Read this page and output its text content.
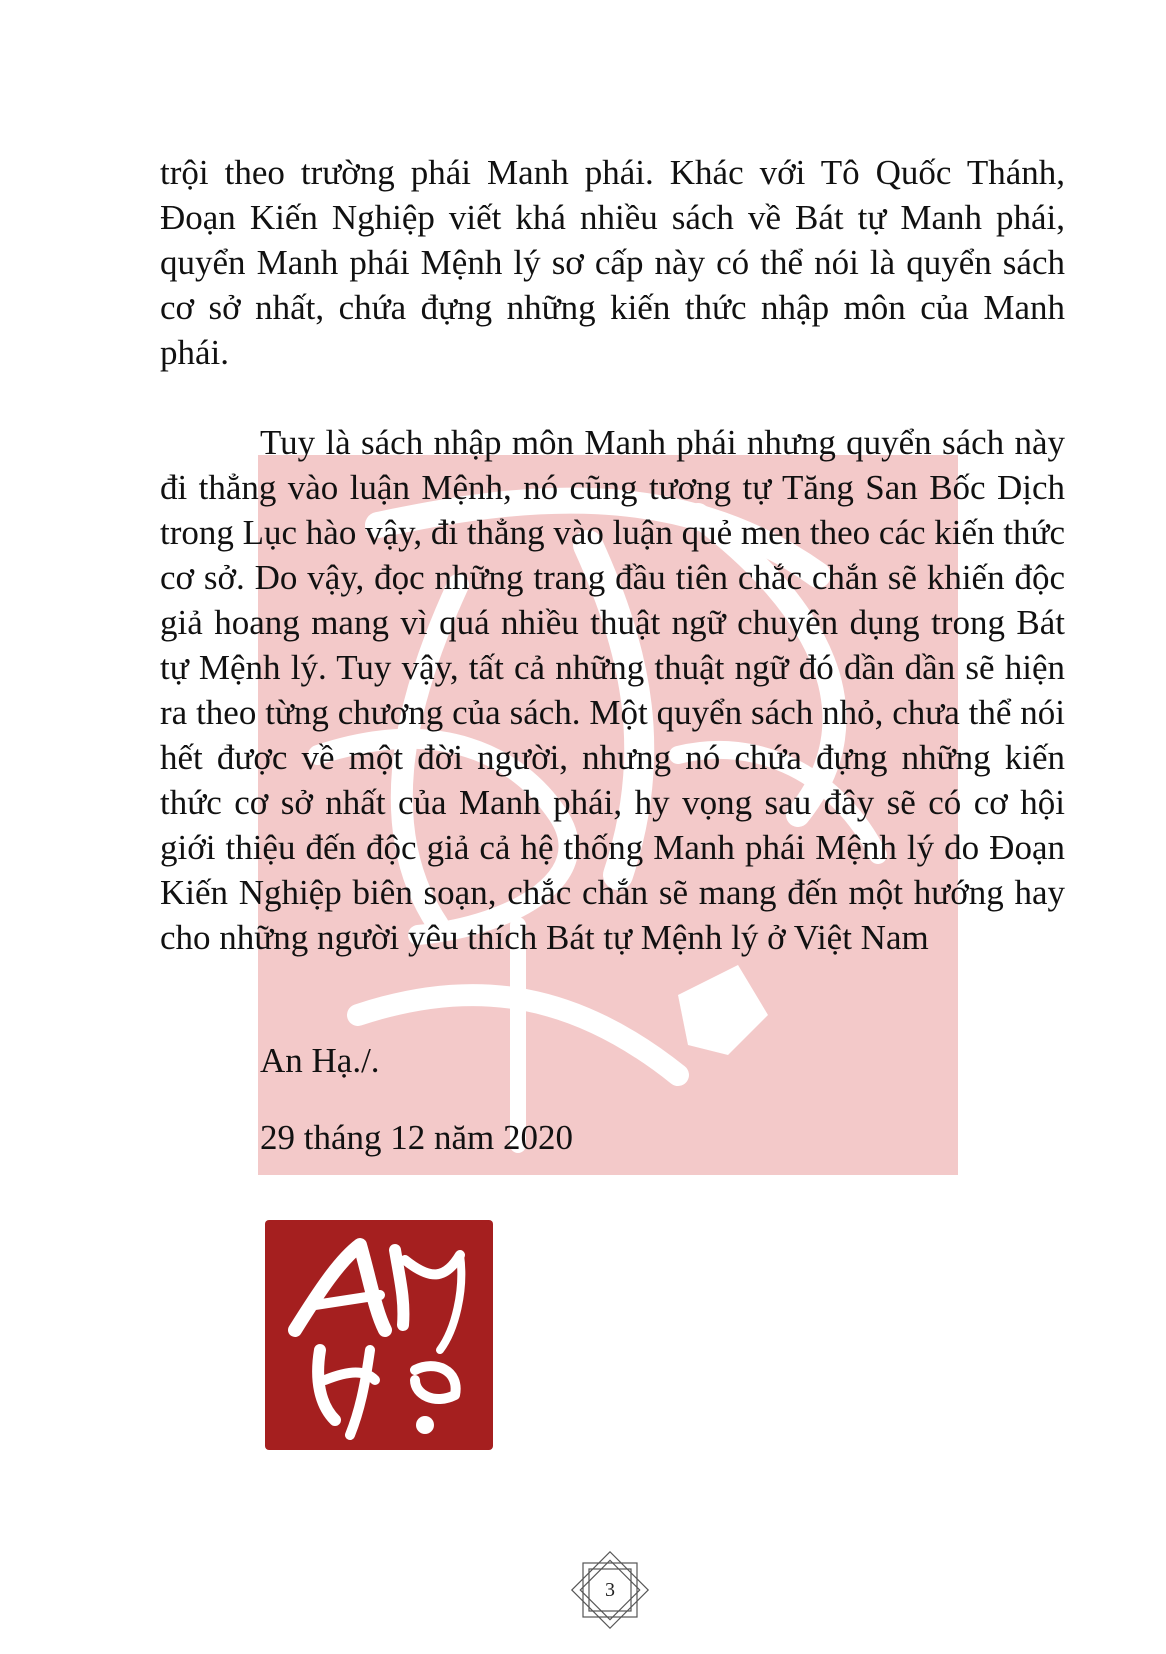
trội theo trường phái Manh phái. Khác với Tô Quốc Thánh, Đoạn Kiến Nghiệp viết khá nhiều sách về Bát tự Manh phái, quyển Manh phái Mệnh lý sơ cấp này có thể nói là quyển sách cơ sở nhất, chứa đựng những kiến thức nhập môn của Manh phái.

Tuy là sách nhập môn Manh phái nhưng quyển sách này đi thẳng vào luận Mệnh, nó cũng tương tự Tăng San Bốc Dịch trong Lục hào vậy, đi thẳng vào luận quẻ men theo các kiến thức cơ sở. Do vậy, đọc những trang đầu tiên chắc chắn sẽ khiến độc giả hoang mang vì quá nhiều thuật ngữ chuyên dụng trong Bát tự Mệnh lý. Tuy vậy, tất cả những thuật ngữ đó dần dần sẽ hiện ra theo từng chương của sách. Một quyển sách nhỏ, chưa thể nói hết được về một đời người, nhưng nó chứa đựng những kiến thức cơ sở nhất của Manh phái, hy vọng sau đây sẽ có cơ hội giới thiệu đến độc giả cả hệ thống Manh phái Mệnh lý do Đoạn Kiến Nghiệp biên soạn, chắc chắn sẽ mang đến một hướng hay cho những người yêu thích Bát tự Mệnh lý ở Việt Nam

An Hạ./.
29 tháng 12 năm 2020
3
